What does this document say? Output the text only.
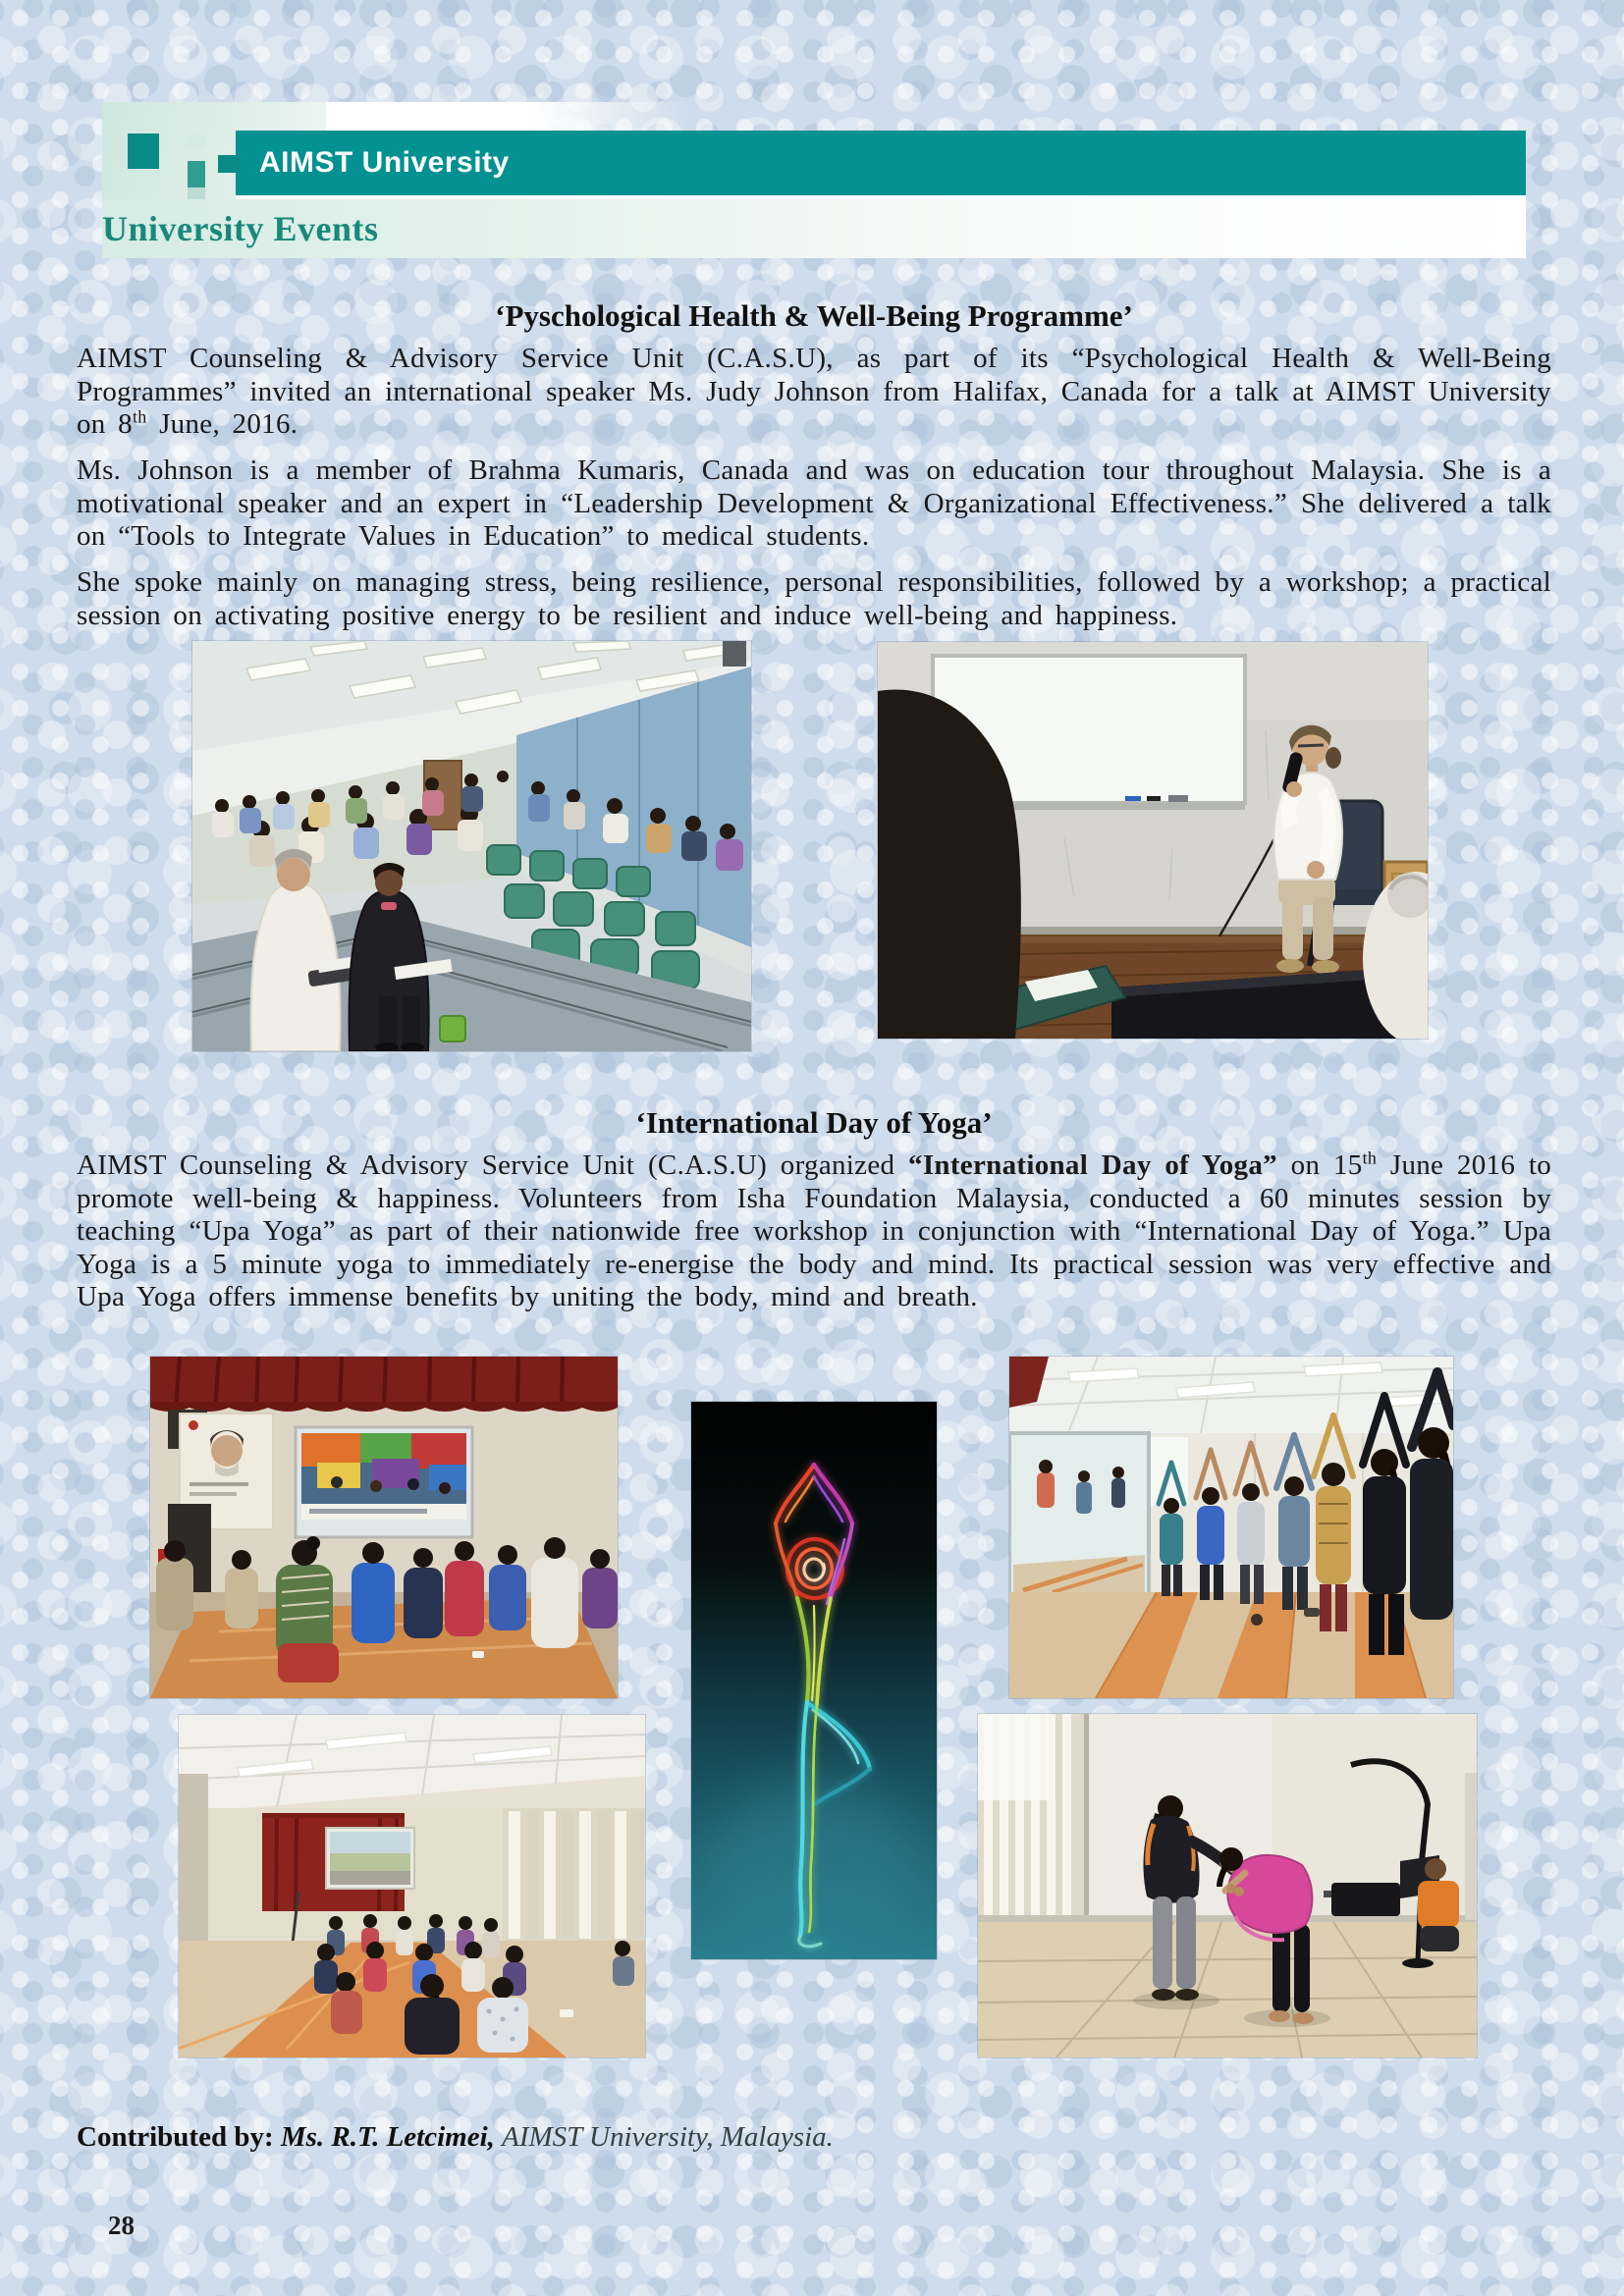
AIMST University
University Events
‘Pyschological Health & Well-Being Programme’

AIMST Counseling & Advisory Service Unit (C.A.S.U), as part of its “Psychological Health & Well-Being Programmes” invited an international speaker Ms. Judy Johnson from Halifax, Canada for a talk at AIMST University on 8th June, 2016.

Ms. Johnson is a member of Brahma Kumaris, Canada and was on education tour throughout Malaysia. She is a motivational speaker and an expert in “Leadership Development & Organizational Effectiveness.” She delivered a talk on “Tools to Integrate Values in Education” to medical students.

She spoke mainly on managing stress, being resilience, personal responsibilities, followed by a workshop; a practical session on activating positive energy to be resilient and induce well-being and happiness.

‘International Day of Yoga’

AIMST Counseling & Advisory Service Unit (C.A.S.U) organized “International Day of Yoga” on 15th June 2016 to promote well-being & happiness. Volunteers from Isha Foundation Malaysia, conducted a 60 minutes session by teaching “Upa Yoga” as part of their nationwide free workshop in conjunction with “International Day of Yoga.” Upa Yoga is a 5 minute yoga to immediately re-energise the body and mind. Its practical session was very effective and Upa Yoga offers immense benefits by uniting the body, mind and breath.

Contributed by: Ms. R.T. Letcimei, AIMST University, Malaysia.

28
